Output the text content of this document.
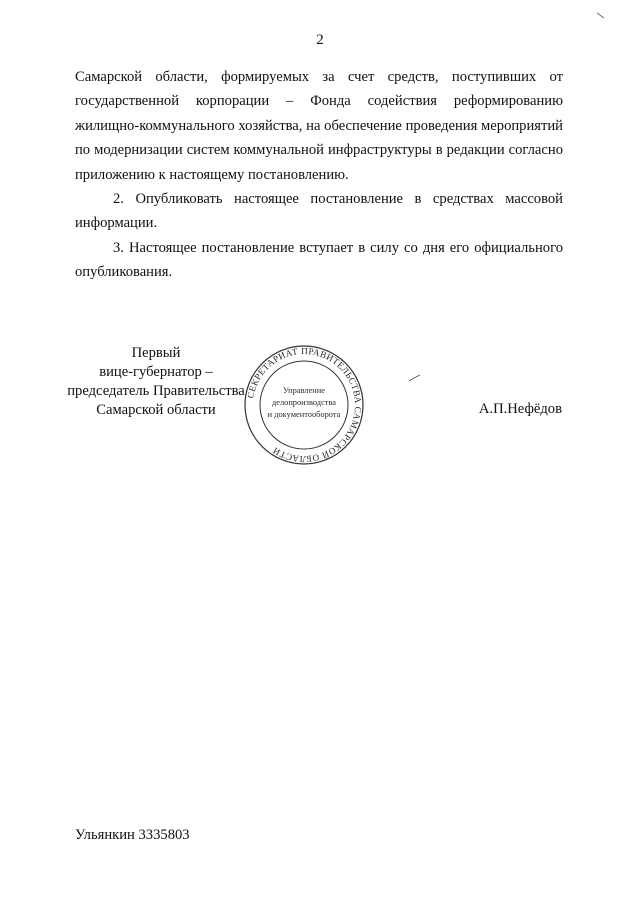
2

Самарской области, формируемых за счет средств, поступивших от государственной корпорации – Фонда содействия реформированию жилищно-коммунального хозяйства, на обеспечение проведения мероприятий по модернизации систем коммунальной инфраструктуры в редакции согласно приложению к настоящему постановлению.

2. Опубликовать настоящее постановление в средствах массовой информации.

3. Настоящее постановление вступает в силу со дня его официального опубликования.

Первый
вице-губернатор –
председатель Правительства
Самарской области
СЕКРЕТАРИАТ ПРАВИТЕЛЬСТВА САМАРСКОЙ ОБЛАСТИ
Управление
делопроизводства
и документооборота	А.П.Нефёдов
Ульянкин 3335803
